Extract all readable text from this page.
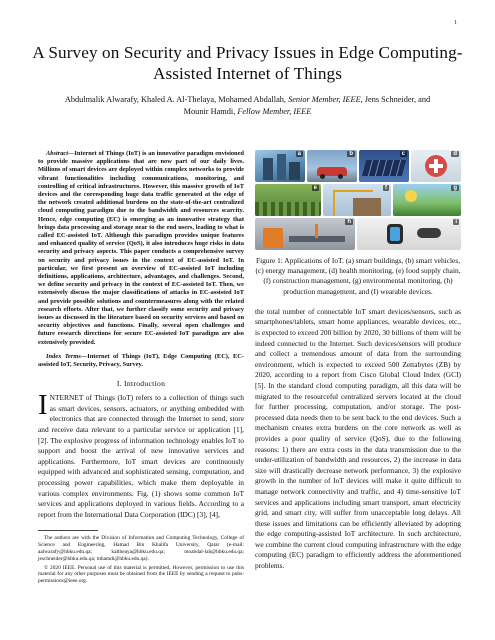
1
A Survey on Security and Privacy Issues in Edge Computing-Assisted Internet of Things
Abdulmalik Alwarafy, Khaled A. Al-Thelaya, Mohamed Abdallah, Senior Member, IEEE, Jens Schneider, and
Mounir Hamdi, Fellow Member, IEEE

Abstract—Internet of Things (IoT) is an innovative paradigm envisioned to provide massive applications that are now part of our daily lives. Millions of smart devices are deployed within complex networks to provide vibrant functionalities including communications, monitoring, and controlling of critical infrastructures. However, this massive growth of IoT devices and the corresponding huge data traffic generated at the edge of the network created additional burdens on the state-of-the-art centralized cloud computing paradigm due to the bandwidth and resources scarcity. Hence, edge computing (EC) is emerging as an innovative strategy that brings data processing and storage near to the end users, leading to what is called EC-assisted IoT. Although this paradigm provides unique features and enhanced quality of service (QoS), it also introduces huge risks in data security and privacy aspects. This paper conducts a comprehensive survey on security and privacy issues in the context of EC-assisted IoT. In particular, we first present an overview of EC-assisted IoT including definitions, applications, architecture, advantages, and challenges. Second, we define security and privacy in the context of EC-assisted IoT. Then, we extensively discuss the major classifications of attacks in EC-assisted IoT and provide possible solutions and countermeasures along with the related research efforts. After that, we further classify some security and privacy issues as discussed in the literature based on security services and based on security objectives and functions. Finally, several open challenges and future research directions for secure EC-assisted IoT paradigm are also extensively provided.

Index Terms—Internet of Things (IoT), Edge Computing (EC), EC-assisted IoT, Security, Privacy, Survey.

I. Introduction

INTERNET of Things (IoT) refers to a collection of things such as smart devices, sensors, actuators, or anything embedded with electronics that are connected through the Internet to send, store and receive data relevant to a particular service or application [1], [2]. The explosive progress of information technology enables IoT to support and boost the arrival of new innovative services and applications. Furthermore, IoT smart devices are continuously equipped with advanced and sophisticated sensing, computation, and processing power capabilities, which make them deployable in various complex environments. Fig. (1) shows some common IoT services and applications deployed in various fields. According to a report from the International Data Corporation (IDC) [3], [4],

The authors are with the Division of Information and Computing Technology, College of Science and Engineering, Hamad Bin Khalifa University, Qatar (e-mail: aalwarafy@hbku.edu.qa; kaltheaya@hbku.edu.qa; moabdal-lah@hbku.edu.qa; jeschneider@hbku.edu.qa; mhamdi@hbku.edu.qa).

© 2020 IEEE. Personal use of this material is permitted. However, permission to use this material for any other purposes must be obtained from the IEEE by sending a request to pubs-permissions@ieee.org.

a	b	c	d
e	f	g
h	i

Figure 1: Applications of IoT. (a) smart buildings, (b) smart vehicles, (c) energy management, (d) health monitoring, (e) food supply chain, (f) construction management, (g) environmental monitoring, (h) production management, and (I) wearable devices.

the total number of connectable IoT smart devices/sensors, such as smartphones/tablets, smart home appliances, wearable devices, etc., is expected to exceed 200 billion by 2020, 30 billions of them will be indeed connected to the Internet. Such devices/sensors will produce and collect a tremendous amount of data from the surrounding environment, which is expected to exceed 500 Zettabytes (ZB) by 2020, according to a report from Cisco Global Cloud Index (GCI) [5]. In the standard cloud computing paradigm, all this data will be migrated to the resourceful centralized servers located at the cloud for further processing, computation, and/or storage. The post-processed data needs then to be sent back to the end devices. Such a mechanism creates extra burdens on the core network as well as provides a poor quality of service (QoS), due to the following reasons: 1) there are extra costs in the data transmission due to the under-utilization of bandwidth and resources, 2) the increase in data size will drastically decrease network performance, 3) the explosive growth in the number of IoT devices will make it quite difficult to manage network connectivity and traffic, and 4) time-sensitive IoT services and applications including smart transport, smart electricity grid, and smart city, will suffer from unacceptable long delays. All these issues and limitations can be efficiently alleviated by adopting the edge computing-assisted IoT architecture. In such architecture, we combine the current cloud computing infrastructure with the edge computing (EC) paradigm to efficiently address the aforementioned problems.
